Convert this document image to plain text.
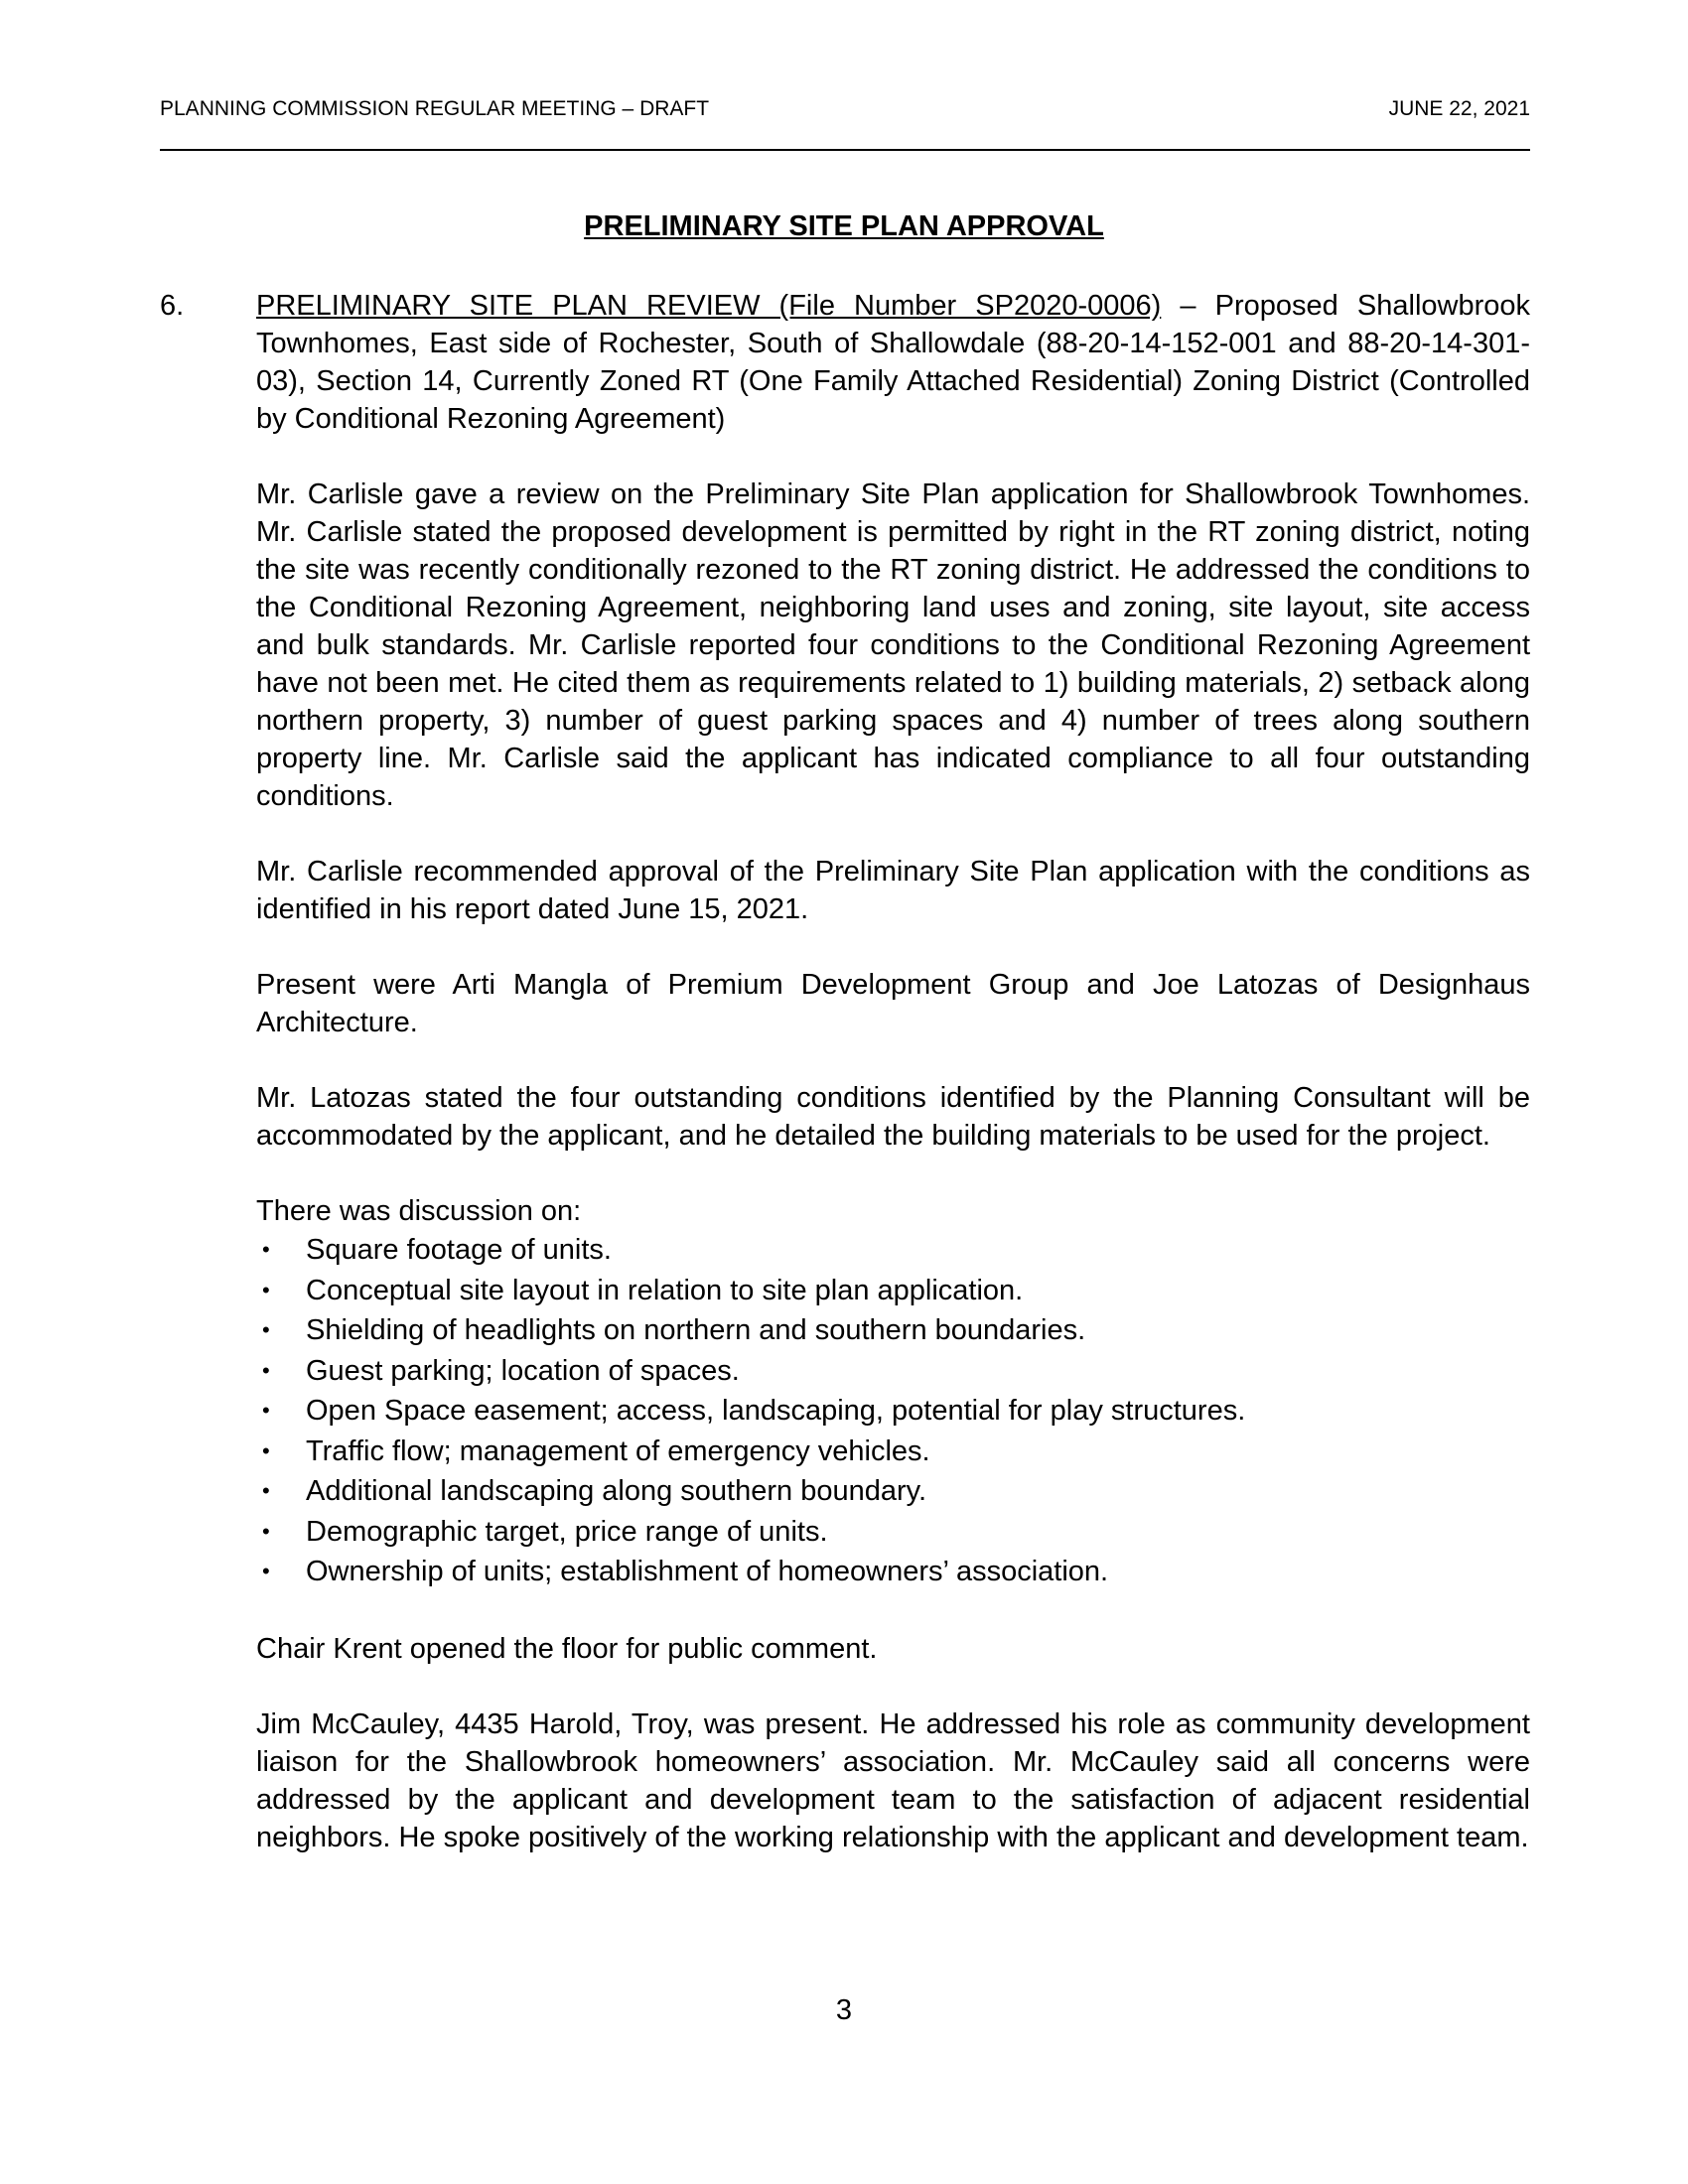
PLANNING COMMISSION REGULAR MEETING – DRAFT	JUNE 22, 2021
PRELIMINARY SITE PLAN APPROVAL
6.	PRELIMINARY SITE PLAN REVIEW (File Number SP2020-0006) – Proposed Shallowbrook Townhomes, East side of Rochester, South of Shallowdale (88-20-14-152-001 and 88-20-14-301-03), Section 14, Currently Zoned RT (One Family Attached Residential) Zoning District (Controlled by Conditional Rezoning Agreement)

Mr. Carlisle gave a review on the Preliminary Site Plan application for Shallowbrook Townhomes. Mr. Carlisle stated the proposed development is permitted by right in the RT zoning district, noting the site was recently conditionally rezoned to the RT zoning district. He addressed the conditions to the Conditional Rezoning Agreement, neighboring land uses and zoning, site layout, site access and bulk standards. Mr. Carlisle reported four conditions to the Conditional Rezoning Agreement have not been met. He cited them as requirements related to 1) building materials, 2) setback along northern property, 3) number of guest parking spaces and 4) number of trees along southern property line. Mr. Carlisle said the applicant has indicated compliance to all four outstanding conditions.

Mr. Carlisle recommended approval of the Preliminary Site Plan application with the conditions as identified in his report dated June 15, 2021.

Present were Arti Mangla of Premium Development Group and Joe Latozas of Designhaus Architecture.

Mr. Latozas stated the four outstanding conditions identified by the Planning Consultant will be accommodated by the applicant, and he detailed the building materials to be used for the project.

There was discussion on:

• Square footage of units.
• Conceptual site layout in relation to site plan application.
• Shielding of headlights on northern and southern boundaries.
• Guest parking; location of spaces.
• Open Space easement; access, landscaping, potential for play structures.
• Traffic flow; management of emergency vehicles.
• Additional landscaping along southern boundary.
• Demographic target, price range of units.
• Ownership of units; establishment of homeowners’ association.

Chair Krent opened the floor for public comment.

Jim McCauley, 4435 Harold, Troy, was present. He addressed his role as community development liaison for the Shallowbrook homeowners’ association. Mr. McCauley said all concerns were addressed by the applicant and development team to the satisfaction of adjacent residential neighbors. He spoke positively of the working relationship with the applicant and development team.

3
